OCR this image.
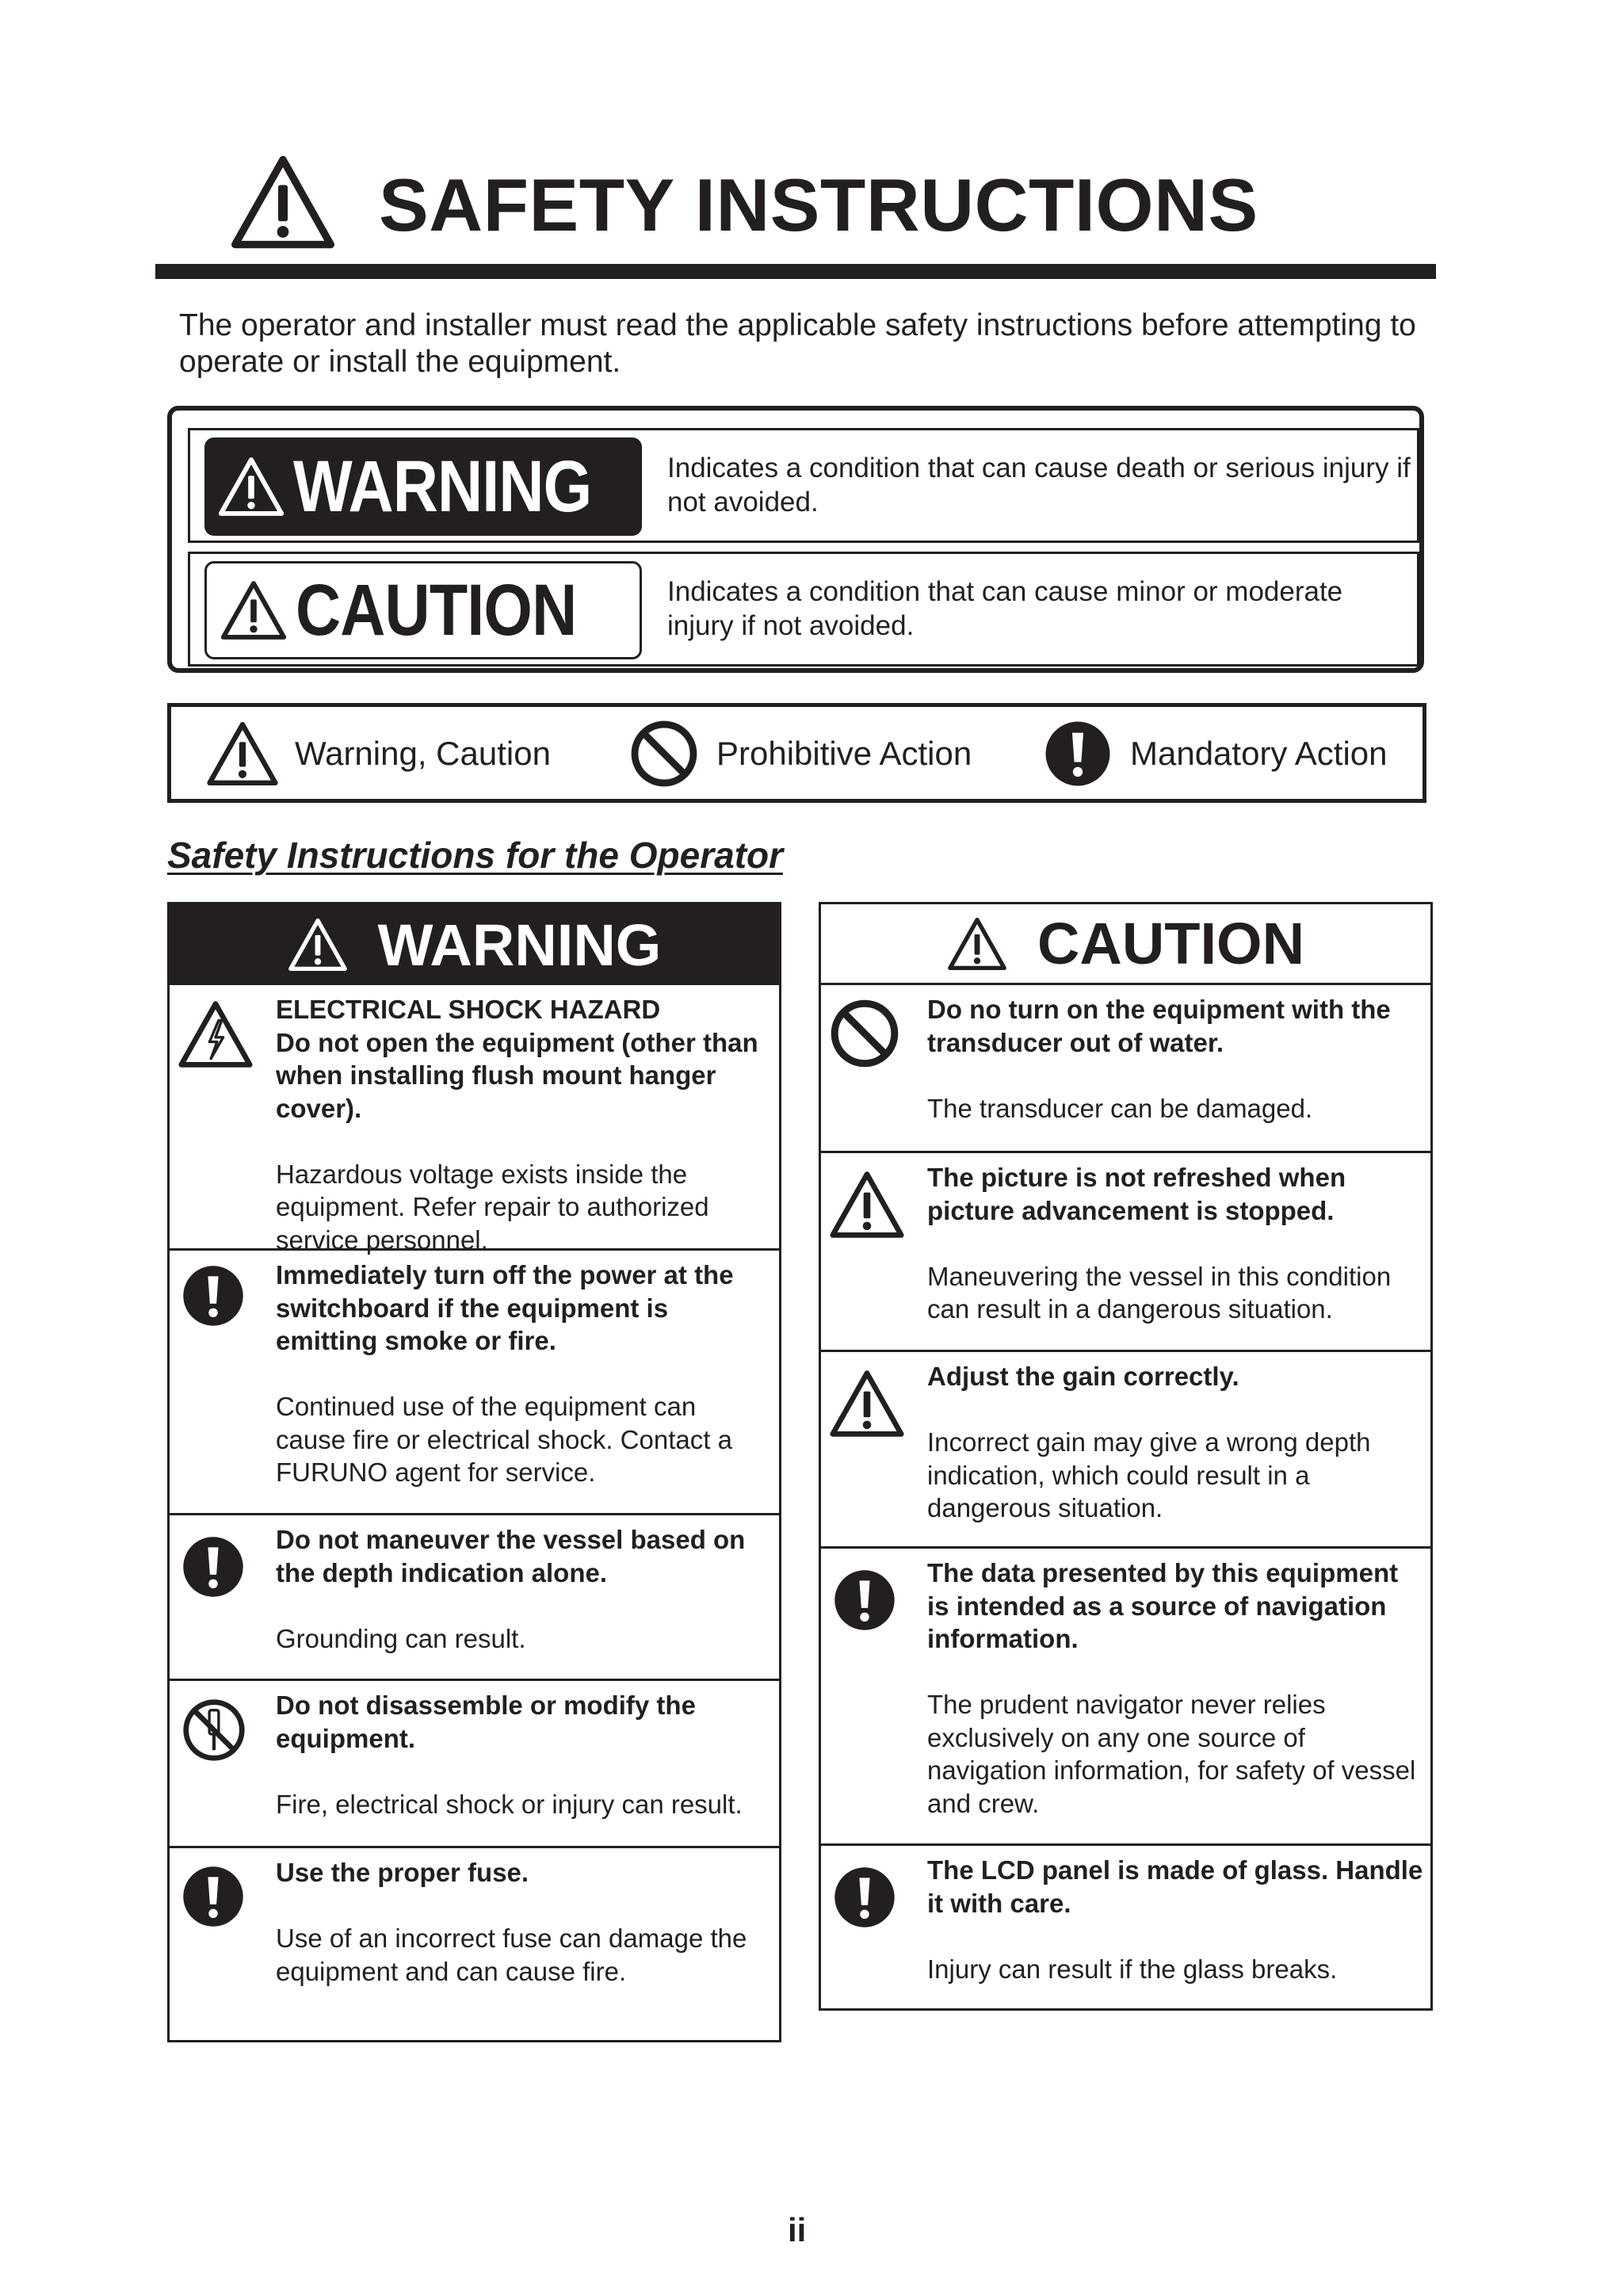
SAFETY INSTRUCTIONS
The operator and installer must read the applicable safety instructions before attempting to operate or install the equipment.
WARNING	Indicates a condition that can cause death or serious injury if not avoided.
CAUTION	Indicates a condition that can cause minor or moderate injury if not avoided.
Warning, Caution	Prohibitive Action	Mandatory Action
Safety Instructions for the Operator
WARNING
ELECTRICAL SHOCK HAZARD
Do not open the equipment (other than when installing flush mount hanger cover).
Hazardous voltage exists inside the equipment. Refer repair to authorized service personnel.
Immediately turn off the power at the switchboard if the equipment is emitting smoke or fire.
Continued use of the equipment can cause fire or electrical shock. Contact a FURUNO agent for service.
Do not maneuver the vessel based on the depth indication alone.
Grounding can result.
Do not disassemble or modify the equipment.
Fire, electrical shock or injury can result.
Use the proper fuse.
Use of an incorrect fuse can damage the equipment and can cause fire.
CAUTION
Do no turn on the equipment with the transducer out of water.
The transducer can be damaged.
The picture is not refreshed when picture advancement is stopped.
Maneuvering the vessel in this condition can result in a dangerous situation.
Adjust the gain correctly.
Incorrect gain may give a wrong depth indication, which could result in a dangerous situation.
The data presented by this equipment is intended as a source of navigation information.
The prudent navigator never relies exclusively on any one source of navigation information, for safety of vessel and crew.
The LCD panel is made of glass. Handle it with care.
Injury can result if the glass breaks.
ii
